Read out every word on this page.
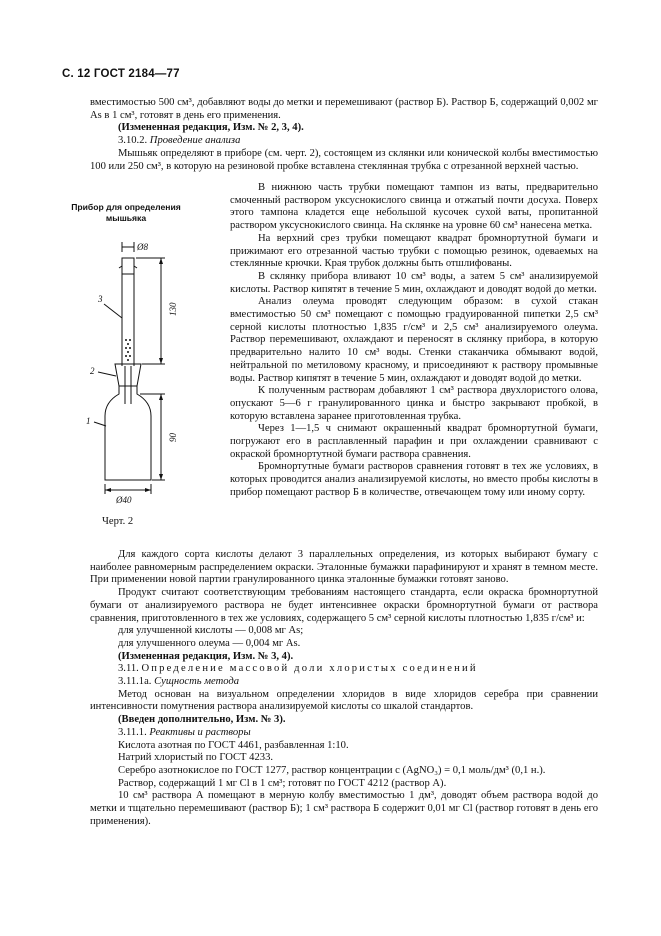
С. 12 ГОСТ 2184—77

вместимостью 500 см³, добавляют воды до метки и перемешивают (раствор Б). Раствор Б, содержащий 0,002 мг As в 1 см³, готовят в день его применения.

(Измененная редакция, Изм. № 2, 3, 4).

3.10.2. Проведение анализа

Мышьяк определяют в приборе (см. черт. 2), состоящем из склянки или конической колбы вместимостью 100 или 250 см³, в которую на резиновой пробке вставлена стеклянная трубка с отрезанной верхней частью.

Прибор для определения мышьяка
Ø8
130
90
3
2
1
Ø40
Черт. 2

В нижнюю часть трубки помещают тампон из ваты, предварительно смоченный раствором уксуснокислого свинца и отжатый почти досуха. Поверх этого тампона кладется еще небольшой кусочек сухой ваты, пропитанной раствором уксуснокислого свинца. На склянке на уровне 60 см³ нанесена метка.

На верхний срез трубки помещают квадрат бромнортутной бумаги и прижимают его отрезанной частью трубки с помощью резинок, одеваемых на стеклянные крючки. Края трубок должны быть отшлифованы.

В склянку прибора вливают 10 см³ воды, а затем 5 см³ анализируемой кислоты. Раствор кипятят в течение 5 мин, охлаждают и доводят водой до метки.

Анализ олеума проводят следующим образом: в сухой стакан вместимостью 50 см³ помещают с помощью градуированной пипетки 2,5 см³ серной кислоты плотностью 1,835 г/см³ и 2,5 см³ анализируемого олеума. Раствор перемешивают, охлаждают и переносят в склянку прибора, в которую предварительно налито 10 см³ воды. Стенки стаканчика обмывают водой, нейтральной по метиловому красному, и присоединяют к раствору промывные воды. Раствор кипятят в течение 5 мин, охлаждают и доводят водой до метки.

К полученным растворам добавляют 1 см³ раствора двухлористого олова, опускают 5—6 г гранулированного цинка и быстро закрывают пробкой, в которую вставлена заранее приготовленная трубка.

Через 1—1,5 ч снимают окрашенный квадрат бромнортутной бумаги, погружают его в расплавленный парафин и при охлаждении сравнивают с окраской бромнортутной бумаги раствора сравнения.

Бромнортутные бумаги растворов сравнения готовят в тех же условиях, в которых проводится анализ анализируемой кислоты, но вместо пробы кислоты в прибор помещают раствор Б в количестве, отвечающем тому или иному сорту.

Для каждого сорта кислоты делают 3 параллельных определения, из которых выбирают бумагу с наиболее равномерным распределением окраски. Эталонные бумажки парафинируют и хранят в темном месте. При применении новой партии гранулированного цинка эталонные бумажки готовят заново.

Продукт считают соответствующим требованиям настоящего стандарта, если окраска бромнортутной бумаги от анализируемого раствора не будет интенсивнее окраски бромнортутной бумаги от раствора сравнения, приготовленного в тех же условиях, содержащего 5 см³ серной кислоты плотностью 1,835 г/см³ и:

для улучшенной кислоты — 0,008 мг As;

для улучшенного олеума — 0,004 мг As.

(Измененная редакция, Изм. № 3, 4).

3.11. Определение массовой доли хлористых соединений

3.11.1а. Сущность метода

Метод основан на визуальном определении хлоридов в виде хлоридов серебра при сравнении интенсивности помутнения раствора анализируемой кислоты со шкалой стандартов.

(Введен дополнительно, Изм. № 3).

3.11.1. Реактивы и растворы

Кислота азотная по ГОСТ 4461, разбавленная 1:10.

Натрий хлористый по ГОСТ 4233.

Серебро азотнокислое по ГОСТ 1277, раствор концентрации с (AgNO₃) = 0,1 моль/дм³ (0,1 н.).

Раствор, содержащий 1 мг Cl в 1 см³; готовят по ГОСТ 4212 (раствор А).

10 см³ раствора А помещают в мерную колбу вместимостью 1 дм³, доводят объем раствора водой до метки и тщательно перемешивают (раствор Б); 1 см³ раствора Б содержит 0,01 мг Cl (раствор готовят в день его применения).
